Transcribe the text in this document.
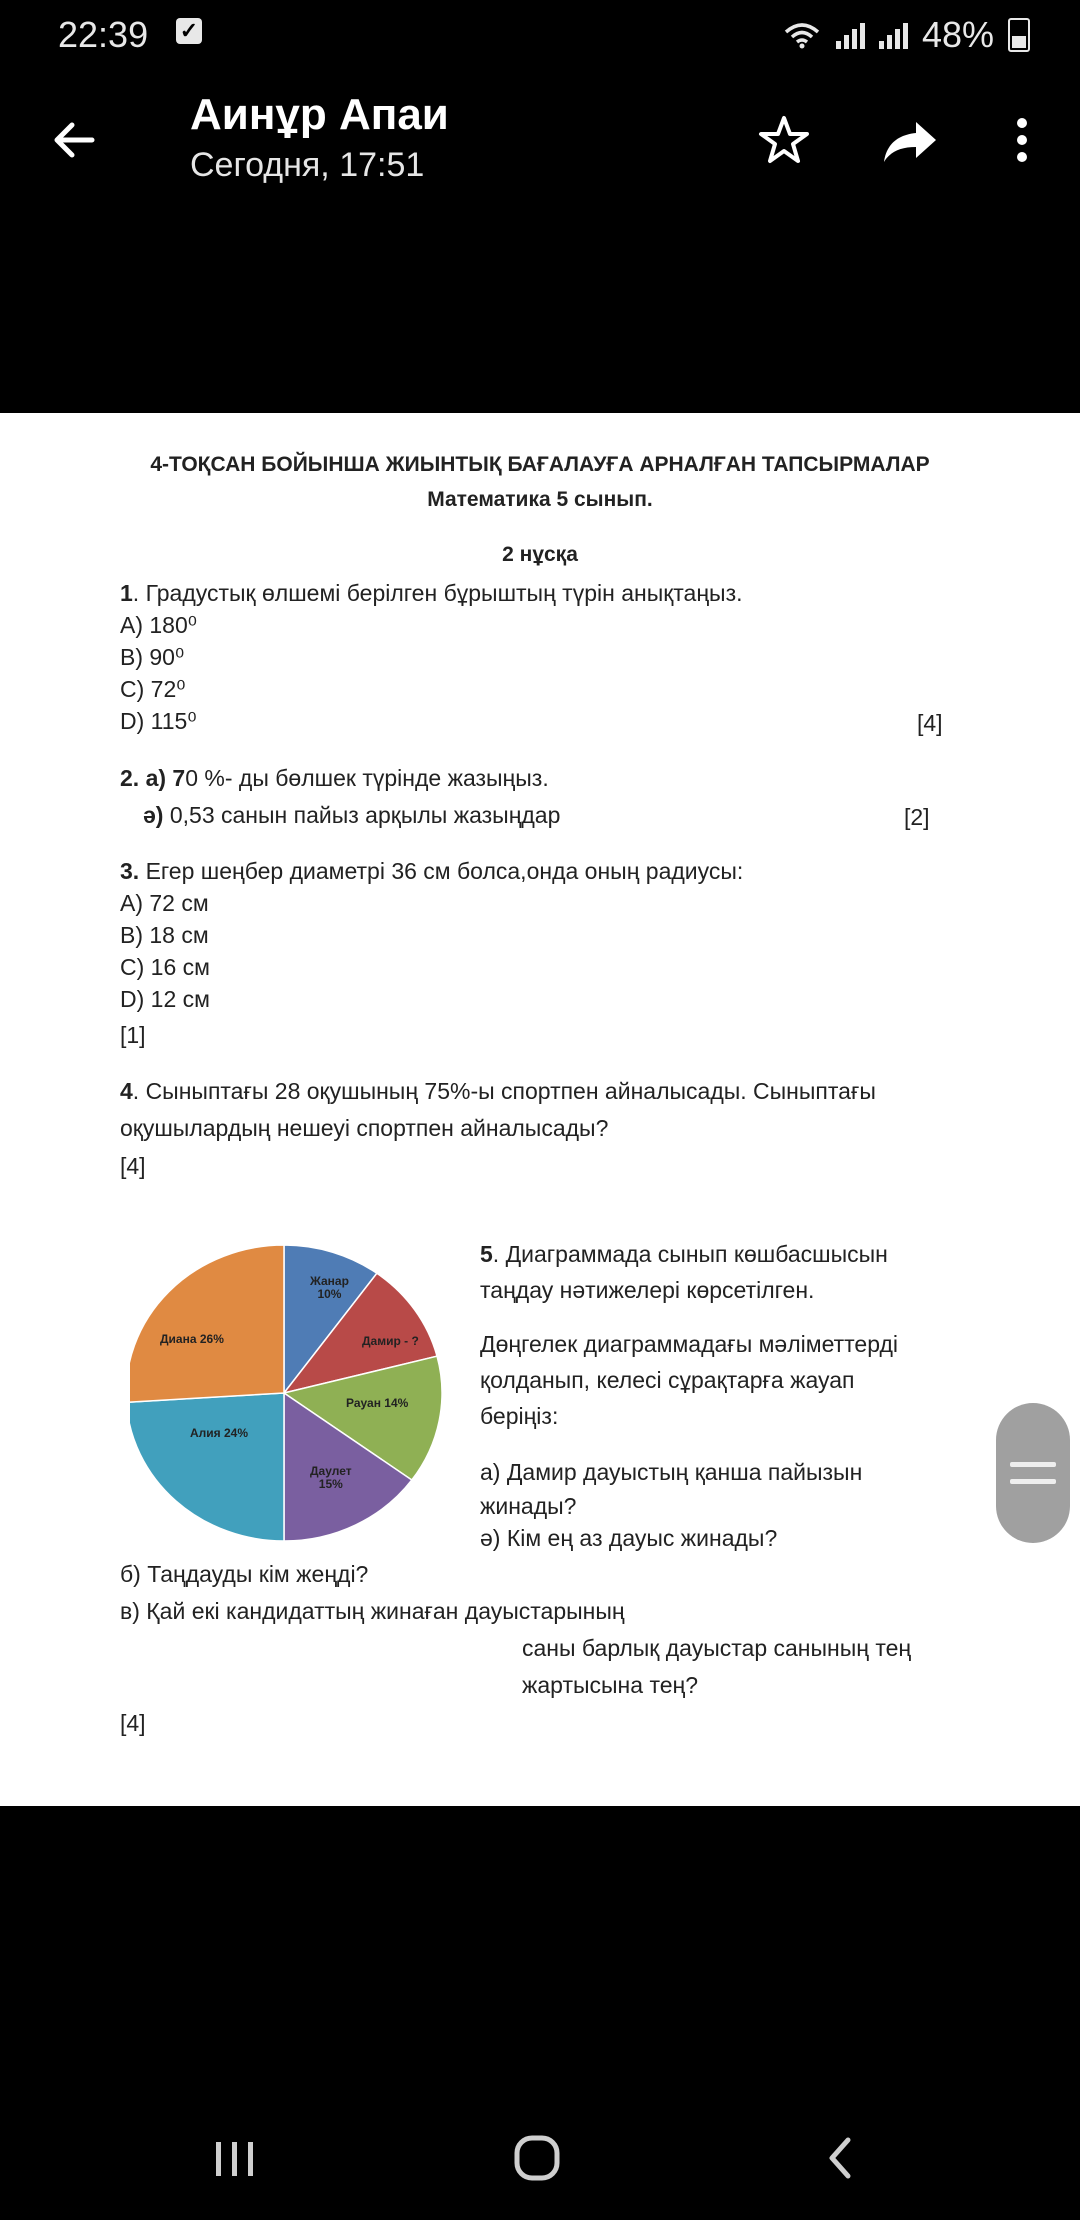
22:39 ✓	48%
Аинұр Апаи
Сегодня, 17:51
4-ТОҚСАН БОЙЫНША ЖИЫНТЫҚ БАҒАЛАУҒА АРНАЛҒАН ТАПСЫРМАЛАР
Математика 5 сынып.
2 нұсқа
1. Градустық өлшемі берілген бұрыштың түрін анықтаңыз.
A) 180⁰
B) 90⁰
C) 72⁰
D) 115⁰	[4]
2. а) 70 %- ды бөлшек түрінде жазыңыз.
ә) 0,53 санын пайыз арқылы жазыңдар	[2]
3. Егер шеңбер диаметрі 36 см болса,онда оның радиусы:
A) 72 см
B) 18 см
C) 16 см
D) 12 см
[1]
4. Сыныптағы 28 оқушының 75%-ы спортпен айналысады. Сыныптағы
оқушылардың нешеуі спортпен айналысады?
[4]
Жанар
10%
Дамир - ?
Рауан 14%
Даулет
15%
Алия 24%
Диана 26%
5. Диаграммада сынып көшбасшысын
таңдау нәтижелері көрсетілген.
Дөңгелек диаграммадағы мәліметтерді
қолданып, келесі сұрақтарға жауап
беріңіз:
а) Дамир дауыстың қанша пайызын
жинады?
ә) Кім ең аз дауыс жинады?
б) Таңдауды кім жеңді?
в) Қай екі кандидаттың жинаған дауыстарының
саны барлық дауыстар санының тең
жартысына тең?
[4]
